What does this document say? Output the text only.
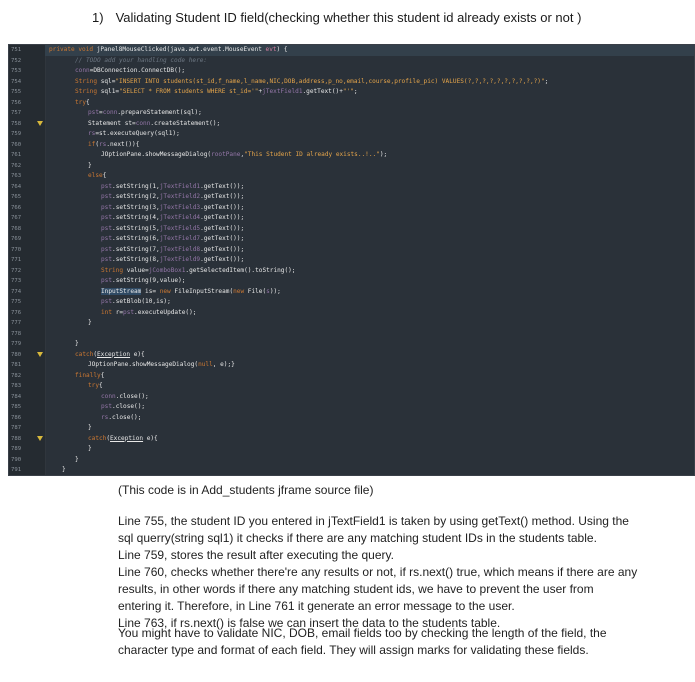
1) Validating Student ID field(checking whether this student id already exists or not )
751	private void jPanel8MouseClicked(java.awt.event.MouseEvent evt) {
752	// TODO add your handling code here:
753	conn=DBConnection.ConnectDB();
754	String sql="INSERT INTO students(st_id,f_name,l_name,NIC,DOB,address,p_no,email,course,profile_pic) VALUES(?,?,?,?,?,?,?,?,?,?)";
755	String sql1="SELECT * FROM students WHERE st_id='"+jTextField1.getText()+"'";
756	try{
757	pst=conn.prepareStatement(sql);
758	Statement st=conn.createStatement();
759	rs=st.executeQuery(sql1);
760	if(rs.next()){
761	JOptionPane.showMessageDialog(rootPane,"This Student ID already exists..!..");
762	}
763	else{
764	pst.setString(1,jTextField1.getText());
765	pst.setString(2,jTextField2.getText());
766	pst.setString(3,jTextField3.getText());
767	pst.setString(4,jTextField4.getText());
768	pst.setString(5,jTextField5.getText());
769	pst.setString(6,jTextField7.getText());
770	pst.setString(7,jTextField8.getText());
771	pst.setString(8,jTextField9.getText());
772	String value=jComboBox1.getSelectedItem().toString();
773	pst.setString(9,value);
774	InputStream is= new FileInputStream(new File(s));
775	pst.setBlob(10,is);
776	int r=pst.executeUpdate();
777	}
778
779	}
780	catch(Exception e){
781	JOptionPane.showMessageDialog(null, e);}
782	finally{
783	try{
784	conn.close();
785	pst.close();
786	rs.close();
787	}
788	catch(Exception e){
789	}
790	}
791	}
(This code is in Add_students jframe source file)
Line 755, the student ID you entered in jTextField1 is taken by using getText() method. Using the sql querry(string sql1) it checks if there are any matching student IDs in the students table.
Line 759, stores the result after executing the query.
Line 760, checks whether there're any results or not, if rs.next() true, which means if there are any results, in other words if there any matching student ids, we have to prevent the user from entering it. Therefore, in Line 761 it generate an error message to the user.
Line 763, if rs.next() is false we can insert the data to the students table.
You might have to validate NIC, DOB, email fields too by checking the length of the field, the character type and format of each field. They will assign marks for validating these fields.
